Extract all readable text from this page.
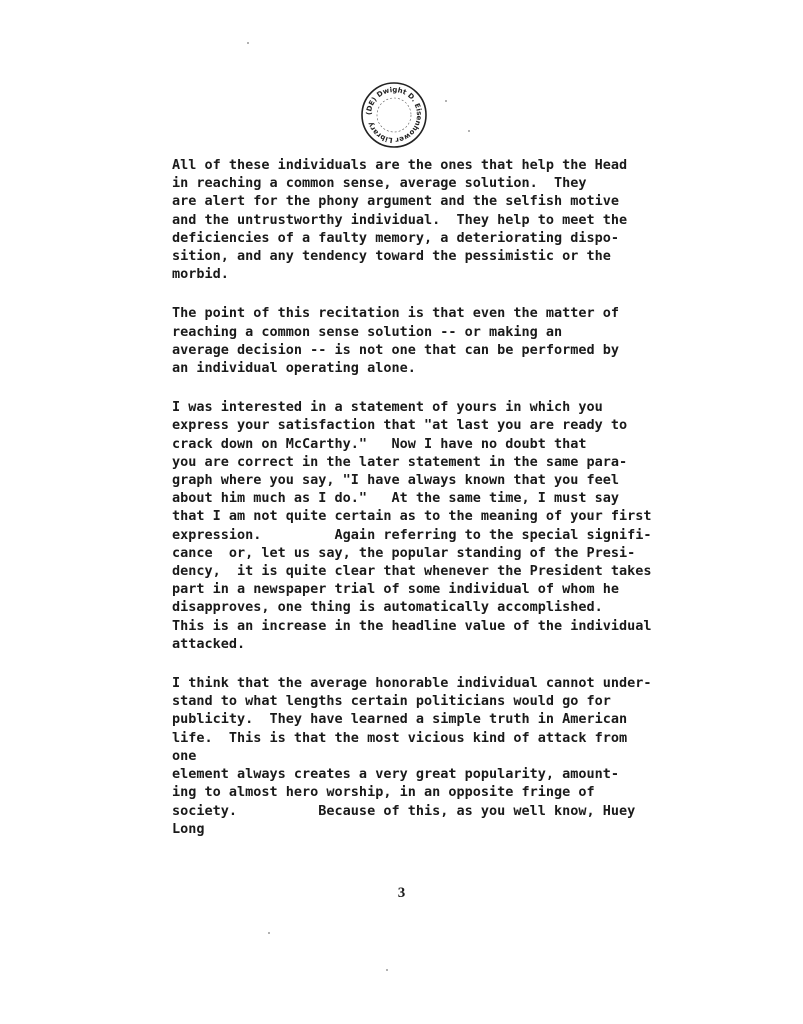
(DE) Dwight D. Eisenhower Library

All of these individuals are the ones that help the Head
in reaching a common sense, average solution.  They
are alert for the phony argument and the selfish motive
and the untrustworthy individual.  They help to meet the
deficiencies of a faulty memory, a deteriorating dispo-
sition, and any tendency toward the pessimistic or the
morbid.

The point of this recitation is that even the matter of
reaching a common sense solution -- or making an
average decision -- is not one that can be performed by
an individual operating alone.

I was interested in a statement of yours in which you
express your satisfaction that "at last you are ready to
crack down on McCarthy."   Now I have no doubt that
you are correct in the later statement in the same para-
graph where you say, "I have always known that you feel
about him much as I do."   At the same time, I must say
that I am not quite certain as to the meaning of your first
expression.         Again referring to the special signifi-
cance  or, let us say, the popular standing of the Presi-
dency,  it is quite clear that whenever the President takes
part in a newspaper trial of some individual of whom he
disapproves, one thing is automatically accomplished.
This is an increase in the headline value of the individual
attacked.

I think that the average honorable individual cannot under-
stand to what lengths certain politicians would go for
publicity.  They have learned a simple truth in American
life.  This is that the most vicious kind of attack from one
element always creates a very great popularity, amount-
ing to almost hero worship, in an opposite fringe of
society.          Because of this, as you well know, Huey Long

3
